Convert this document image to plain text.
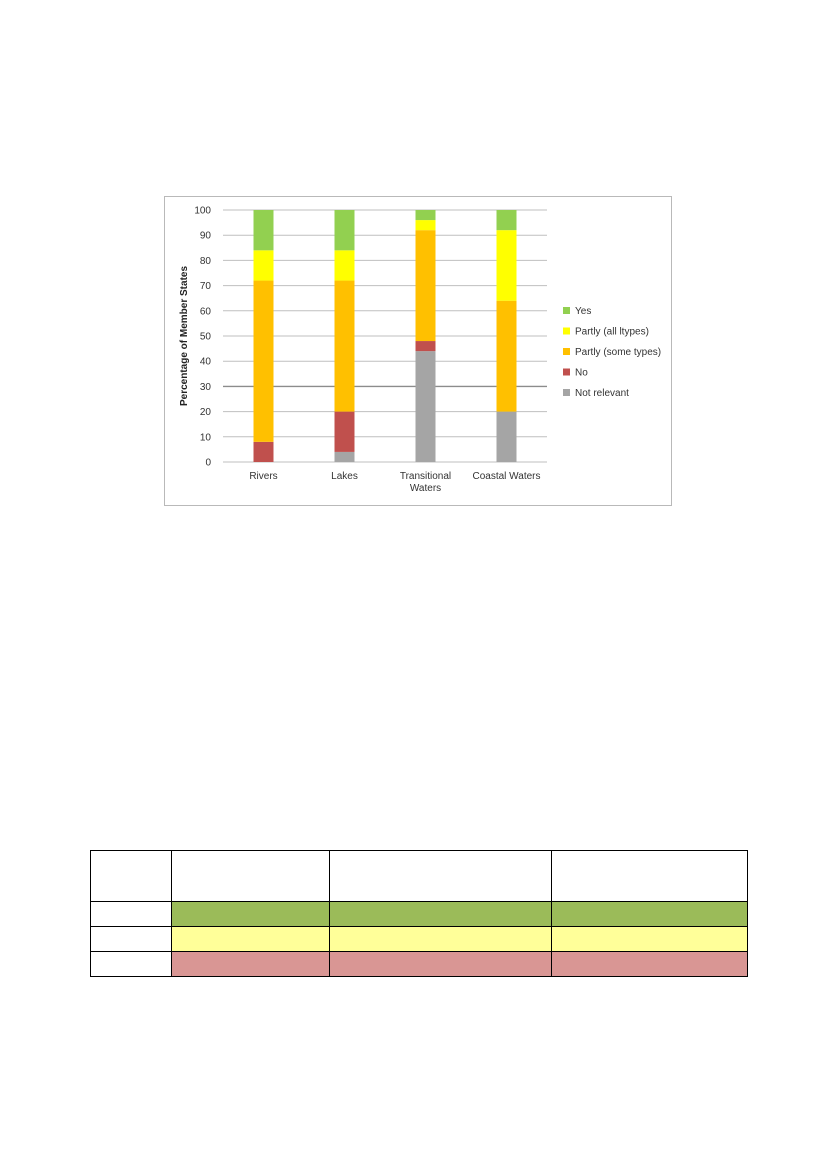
0
10
20
30
40
50
60
70
80
90
100
Rivers	Lakes	Transitional
Waters
Coastal Waters
Percentage of Member States	Yes
Partly (all ltypes)
Partly (some types)
No
Not relevant
